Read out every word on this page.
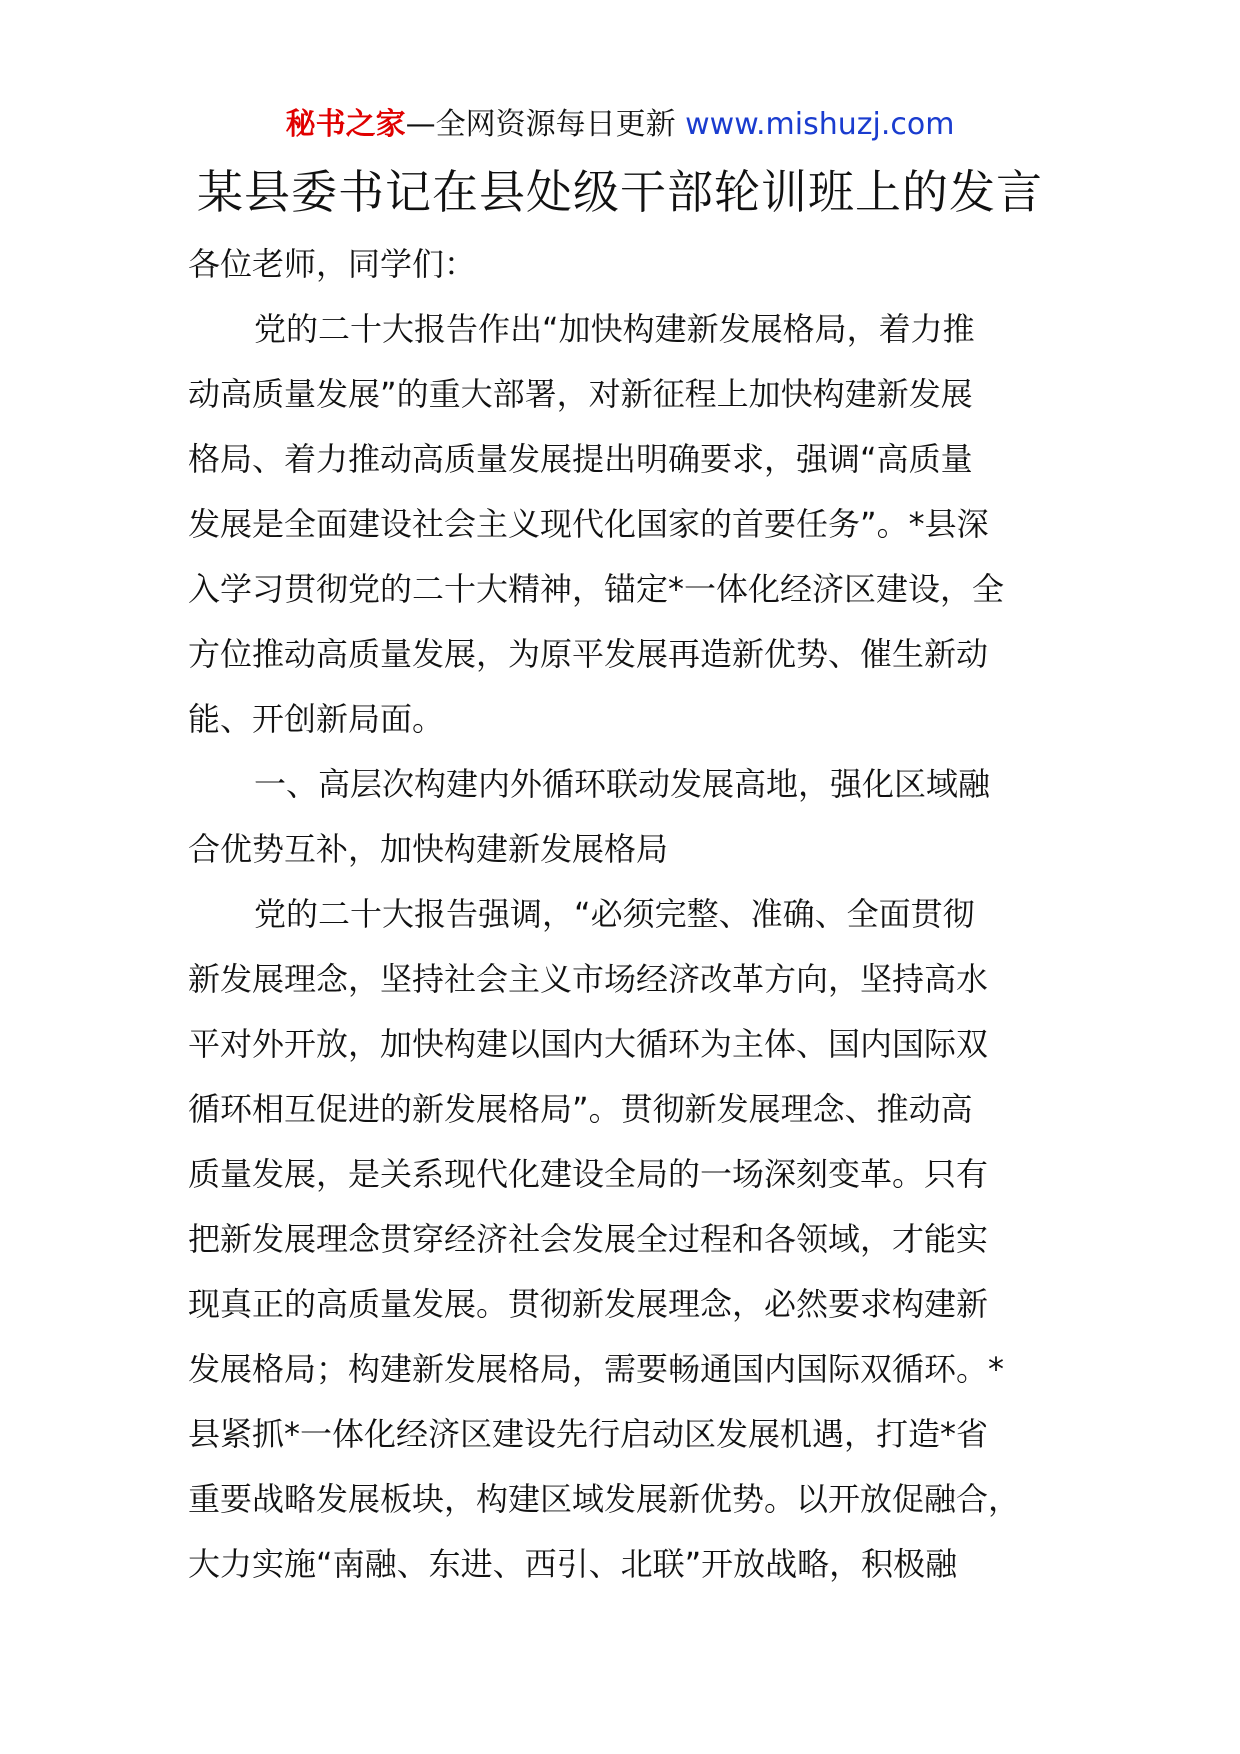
秘书之家—全网资源每日更新 www.mishuzj.com
某县委书记在县处级干部轮训班上的发言
各位老师，同学们：
党的二十大报告作出“加快构建新发展格局，着力推
动高质量发展”的重大部署，对新征程上加快构建新发展
格局、着力推动高质量发展提出明确要求，强调“高质量
发展是全面建设社会主义现代化国家的首要任务”。*县深
入学习贯彻党的二十大精神，锚定*一体化经济区建设，全
方位推动高质量发展，为原平发展再造新优势、催生新动
能、开创新局面。
一、高层次构建内外循环联动发展高地，强化区域融
合优势互补，加快构建新发展格局
党的二十大报告强调，“必须完整、准确、全面贯彻
新发展理念，坚持社会主义市场经济改革方向，坚持高水
平对外开放，加快构建以国内大循环为主体、国内国际双
循环相互促进的新发展格局”。贯彻新发展理念、推动高
质量发展，是关系现代化建设全局的一场深刻变革。只有
把新发展理念贯穿经济社会发展全过程和各领域，才能实
现真正的高质量发展。贯彻新发展理念，必然要求构建新
发展格局；构建新发展格局，需要畅通国内国际双循环。*
县紧抓*一体化经济区建设先行启动区发展机遇，打造*省
重要战略发展板块，构建区域发展新优势。以开放促融合，
大力实施“南融、东进、西引、北联”开放战略，积极融
